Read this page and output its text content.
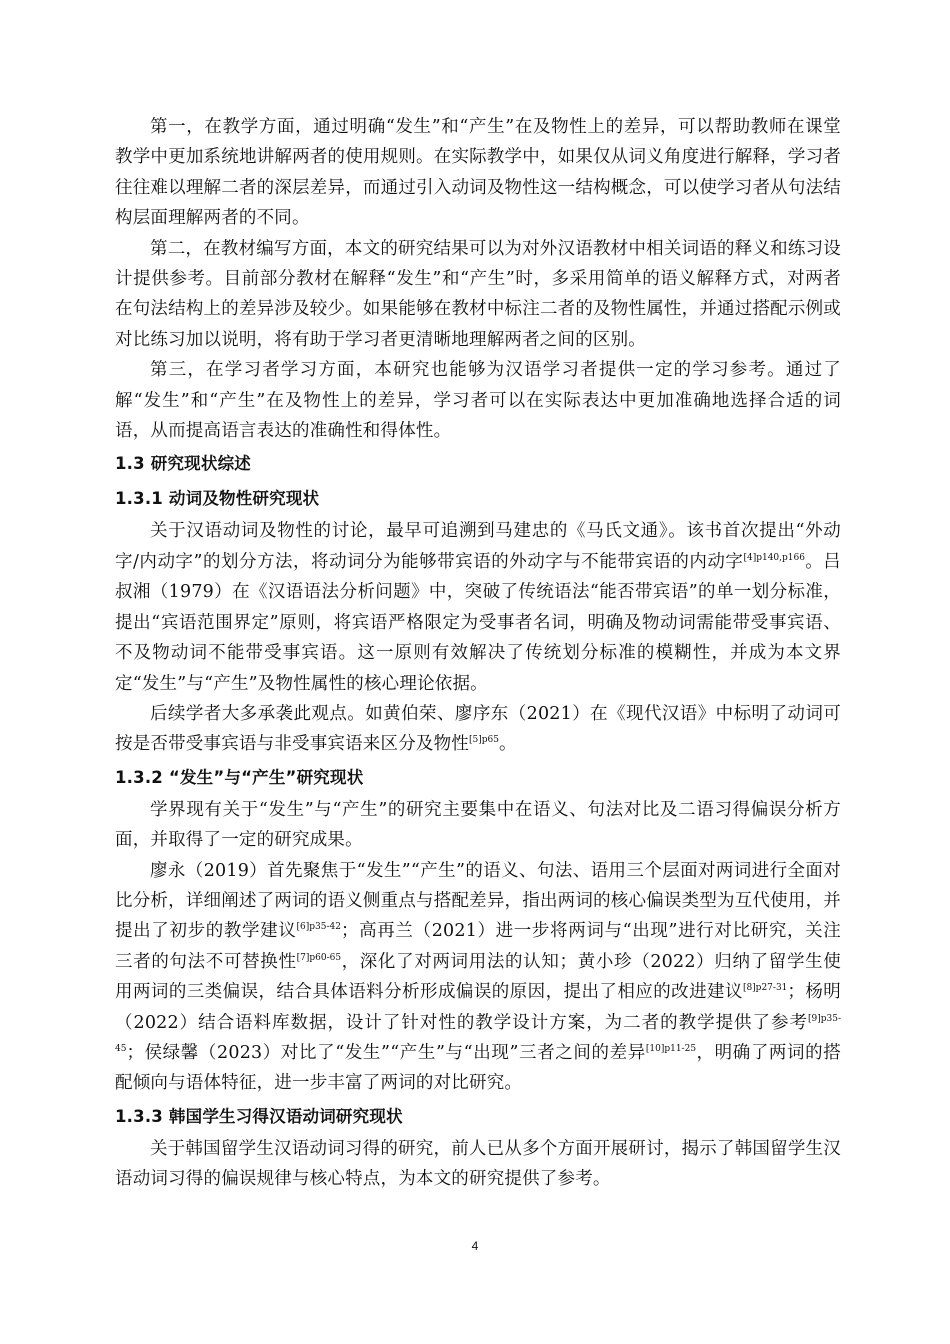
第一，在教学方面，通过明确“发生”和“产生”在及物性上的差异，可以帮助教师在课堂教学中更加系统地讲解两者的使用规则。在实际教学中，如果仅从词义角度进行解释，学习者往往难以理解二者的深层差异，而通过引入动词及物性这一结构概念，可以使学习者从句法结构层面理解两者的不同。

第二，在教材编写方面，本文的研究结果可以为对外汉语教材中相关词语的释义和练习设计提供参考。目前部分教材在解释“发生”和“产生”时，多采用简单的语义解释方式，对两者在句法结构上的差异涉及较少。如果能够在教材中标注二者的及物性属性，并通过搭配示例或对比练习加以说明，将有助于学习者更清晰地理解两者之间的区别。

第三，在学习者学习方面，本研究也能够为汉语学习者提供一定的学习参考。通过了解“发生”和“产生”在及物性上的差异，学习者可以在实际表达中更加准确地选择合适的词语，从而提高语言表达的准确性和得体性。

1.3 研究现状综述
1.3.1 动词及物性研究现状

关于汉语动词及物性的讨论，最早可追溯到马建忠的《马氏文通》。该书首次提出“外动字/内动字”的划分方法，将动词分为能够带宾语的外动字与不能带宾语的内动字$^{[4]p140,p166}$。吕叔湘（1979）在《汉语语法分析问题》中，突破了传统语法“能否带宾语”的单一划分标准，提出“宾语范围界定”原则，将宾语严格限定为受事者名词，明确及物动词需能带受事宾语、不及物动词不能带受事宾语。这一原则有效解决了传统划分标准的模糊性，并成为本文界定“发生”与“产生”及物性属性的核心理论依据。

后续学者大多承袭此观点。如黄伯荣、廖序东（2021）在《现代汉语》中标明了动词可按是否带受事宾语与非受事宾语来区分及物性$^{[5]p65}$。

1.3.2 “发生”与“产生”研究现状

学界现有关于“发生”与“产生”的研究主要集中在语义、句法对比及二语习得偏误分析方面，并取得了一定的研究成果。

廖永（2019）首先聚焦于“发生”“产生”的语义、句法、语用三个层面对两词进行全面对比分析，详细阐述了两词的语义侧重点与搭配差异，指出两词的核心偏误类型为互代使用，并提出了初步的教学建议$^{[6]p35-42}$；高再兰（2021）进一步将两词与“出现”进行对比研究，关注三者的句法不可替换性$^{[7]p60-65}$，深化了对两词用法的认知；黄小珍（2022）归纳了留学生使用两词的三类偏误，结合具体语料分析形成偏误的原因，提出了相应的改进建议$^{[8]p27-31}$；杨明（2022）结合语料库数据，设计了针对性的教学设计方案，为二者的教学提供了参考$^{[9]p35-45}$；侯绿馨（2023）对比了“发生”“产生”与“出现”三者之间的差异$^{[10]p11-25}$，明确了两词的搭配倾向与语体特征，进一步丰富了两词的对比研究。

1.3.3 韩国学生习得汉语动词研究现状

关于韩国留学生汉语动词习得的研究，前人已从多个方面开展研讨，揭示了韩国留学生汉语动词习得的偏误规律与核心特点，为本文的研究提供了参考。

4
